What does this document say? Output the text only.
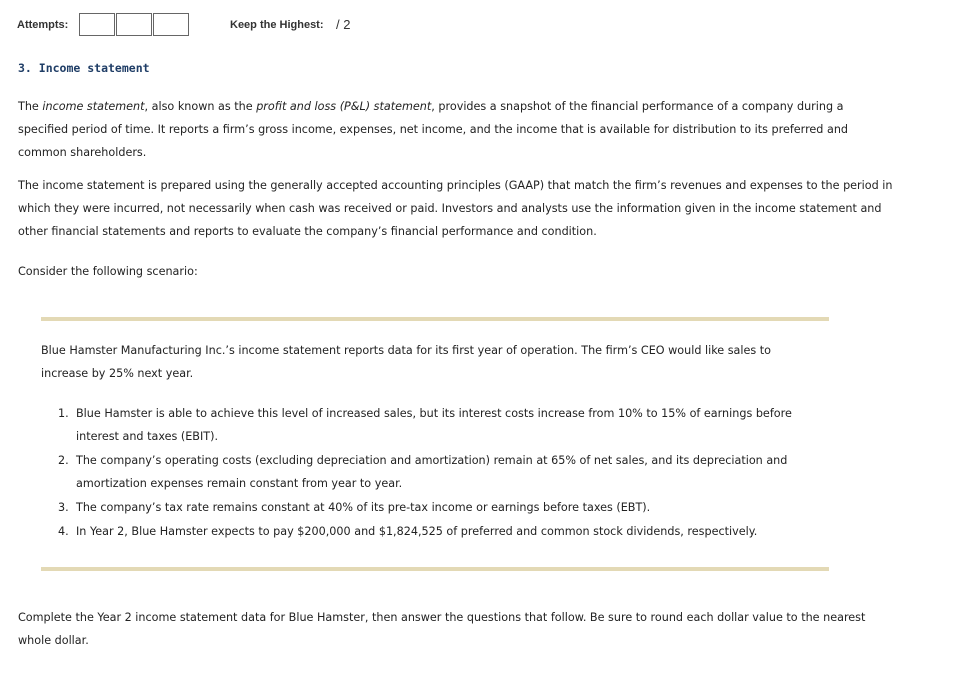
Attempts:	Keep the Highest: / 2
3. Income statement

The income statement, also known as the profit and loss (P&L) statement, provides a snapshot of the financial performance of a company during a specified period of time. It reports a firm’s gross income, expenses, net income, and the income that is available for distribution to its preferred and common shareholders.

The income statement is prepared using the generally accepted accounting principles (GAAP) that match the firm’s revenues and expenses to the period in which they were incurred, not necessarily when cash was received or paid. Investors and analysts use the information given in the income statement and other financial statements and reports to evaluate the company’s financial performance and condition.

Consider the following scenario:

Blue Hamster Manufacturing Inc.’s income statement reports data for its first year of operation. The firm’s CEO would like sales to increase by 25% next year.

1. Blue Hamster is able to achieve this level of increased sales, but its interest costs increase from 10% to 15% of earnings before interest and taxes (EBIT).
2. The company’s operating costs (excluding depreciation and amortization) remain at 65% of net sales, and its depreciation and amortization expenses remain constant from year to year.
3. The company’s tax rate remains constant at 40% of its pre-tax income or earnings before taxes (EBT).
4. In Year 2, Blue Hamster expects to pay $200,000 and $1,824,525 of preferred and common stock dividends, respectively.

Complete the Year 2 income statement data for Blue Hamster, then answer the questions that follow. Be sure to round each dollar value to the nearest whole dollar.
